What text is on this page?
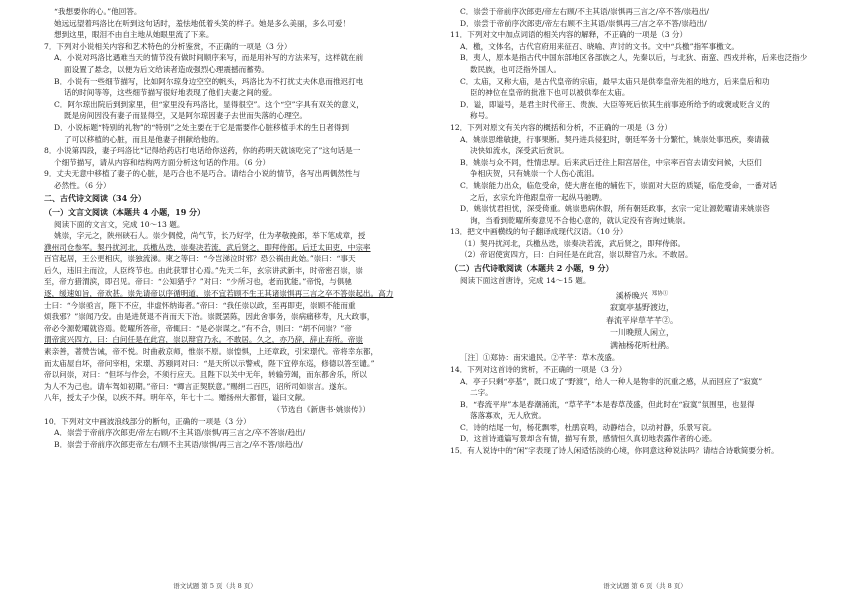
“我想要你的心。”他回答。
她远远望着玛洛比在听到这句话时，羞怯地低着头笑的样子。她是多么美丽，多么可爱！
想到这里，眼泪不由自主地从她眼里流了下来。
7．下列对小说相关内容和艺术特色的分析鉴赏，不正确的一项是（3 分）
A．小说对玛洛比遇难当天的情节没有做时间顺序来写，而是用补写的方法来写，这样就在前
面设置了悬念，以便为后文给读者造成强烈心理震撼而蓄势。
B．小说有一些细节描写，比如阿尔琼身边空空的帆头，玛洛比为不打扰丈夫休息而推迟打电
话的时间等等，这些细节描写很好地表现了他们夫妻之间的爱。
C．阿尔琼出院后到到家里，但“家里没有玛洛比，显得很空”。这个“空”字具有双关的意义，
既是房间因没有妻子而显得空，又是阿尔琼因妻子去世而失落的心理空。
D．小说标题“特别的礼物”的“特别”之处主要在于它是需要作心脏移植手术的生日者得到
了可以移植的心脏，而且是他妻子捐献给他的。
8．小说第四段，妻子玛洛比“记得给药店打电话给你送药，你的药明天就该吃完了”这句话是一
个细节描写，请从内容和结构两方面分析这句话的作用。（6 分）
9．丈夫无意中移植了妻子的心脏，是巧合也不是巧合。请结合小说的情节，各写出两偶然性与
必然性。（6 分）
二、古代诗文阅读（34 分）
（一）文言文阅读（本题共 4 小题，19 分）
阅读下面的文言文，完成 10～13 题。
姚崇，字元之，陕州硖石人。崇少倜傥，尚气节，长乃好学，仕为孝敬挽郎，举下笔成章，授
濮州司仓参军。契丹扰河北，兵檄丛迭，崇奏决若流，武后贤之，即拜侍郎。后迁太田吏，中宗率
百官起居，王公更相庆，崇独流涕。柬之等曰：“今岂涕泣时邪？恐公祸由此始。”崇曰：“事天
后久，违旧主而泣，人臣终节也。由此获罪甘心焉。”先天二年，玄宗讲武新丰，时帝密召崇，崇
至，帝方猎渭滨，即召见。帝曰：“公知猎乎？”对曰：“少所习也，老而犹能。”帝悦，与俱驰
逐，缓速如旨，帝欢甚。崇先请帝以序循明道，崇不宜若顾不生王其诸崇惧再三言之卒不答崇起出。高力
士曰：“今崇亟言，陛下不应，非虚怀纳诲者。”帝曰：“我任崇以政，至再即吏，崇顾不能而重
烦我邪？”崇闻乃安。由是进贤退不肖而天下治。崇既罢陈，因此舍事务，崇病痛移寿，凡大政事，
帝必令源乾曜就咨焉。乾曜所答帝，帝辄曰：“是必崇谋之。”有不合，则曰：“胡不问崇？”帝
谓帝寅兴四方，曰：白问任是在此宫，崇以辩官乃永。不敢居。久之，亦乃辞，辞止弃所。帝崇
素亲善，著赞告诫，帝不悦。时曲赦京师，惟崇不原。崇惶惧，上还章政，引宋璟代。帝将幸东都，
而太庙屋自坏，帝问宰相，宋璟、苏颋同对曰：“是天所以示警戒，陛下宜停东巡，修德以答至谴。”
帝以问崇，对曰：“但坏与作会，不须行应天。且陛下以关中无年，转输劳竭，而东都舍乐，所以
为人不为己也。请车驾如初期。”帝曰：“卿言正契朕意。”赐绢二百匹，诏所司如崇言。遂东。
八年，授太子少保，以疾不拜。明年卒，年七十二。赠扬州大都督，谥曰文献。
（节选自《新唐书·姚崇传》）
10．下列对文中画波浪线部分的断句，正确的一项是（3 分）
A．崇尝于帝前序次郎吏/帝左右顾/不主其语/崇惧/再三言之/卒不答崇/趋出/
B．崇尝于帝前序次郎吏帝左右/顾不主其语/崇惧/再三言之/卒不答/崇趋出/
语文试题 第 5 页（共 8 页）
C．崇尝于帝前序次郎吏/帝左右顾/不主其语/崇惧再三言之/卒不答/崇趋出/
D．崇尝于帝前序次郎吏/帝左右顾不主其语/崇惧再三/言之卒不答/崇趋出/
11．下列对文中加点词语的相关内容的解释，不正确的一项是（3 分）
A．檄，文体名，古代官府用来征召、晓喻、声讨的文书。文中“兵檄”指军事檄文。
B．夷人，原本是指古代中国东部地区各部族之人，先秦以后，与北狄、南蛮、西戎并称，后来也泛指少
数民族，也可泛指外国人。
C．太庙，又称大庙，是古代皇帝的宗庙，最早太庙只是供奉皇帝先祖的地方，后来皇后和功
臣的神位在皇帝的批准下也可以被供奉在太庙。
D．谥，即谥号，是君主时代帝王、贵族、大臣等死后依其生前事迹所给予的或褒或贬含义的
称号。
12．下列对原文有关内容的概括和分析，不正确的一项是（3 分）
A．姚崇思维敏捷，行事果断。契丹进兵侵犯时，朝廷军务十分繁忙，姚崇处事迅疾，奏请裁
决快如流水，深受武后赏识。
B．姚崇与众不同，性情忠厚。后来武后迁往上阳宫居住，中宗率百官去请安问候，大臣们
争相庆贺，只有姚崇一个人伤心流泪。
C．姚崇能力出众，临危受命，使大唐在他的辅佐下，崇面对大臣的质疑，临危受命，一番对话
之后，玄宗允许他跟皇帝一起纵马驰聘。
D．姚崇忧君担忧，深受倚重。姚崇患病休假，所有朝廷政事，玄宗一定让源乾曜请来姚崇咨
询，当看到乾曜所奏意见不合他心意的，就认定没有咨询过姚崇。
13．把文中画横线的句子翻译成现代汉语。（10 分）
（1）契丹扰河北，兵檄丛迭，崇奏决若流，武后贤之，即拜侍郎。
（2）帝诏使寅四方，曰：白问任是在此宫，崇以辩官乃永。不敢居。
（二）古代诗歌阅读（本题共 2 小题，9 分）
阅读下面这首唐诗，完成 14～15 题。
溪桥晚兴 $^{郑协①}$
寂寞亭基野渡边，
春流平岸草芊芊②。
一川晚照人闲立，
满袖杨花听杜鹃。
［注］①郑协：南宋遗民。②芊芊：草木茂盛。
14．下列对这首诗的赏析，不正确的一项是（3 分）
A．亭子只剩“亭基”，既口成了“野渡”，给人一种人是物非的沉重之感，从而回应了“寂寞”
二字。
B．“春流平岸”本是春潮涌流，“草芊芊”本是春草茂盛，但此时在“寂寞”氛围里，也显得
落落寡欢，无人欣赏。
C．诗的结尾一句，杨花飘零，杜鹃哀鸣，动静结合，以动衬静，乐景写哀。
D．这首诗通篇写景却含有情，描写有景，感情恒久真切地表露作者的心迹。
15．有人说诗中的“闲”字表现了诗人闲适恬淡的心境，你同意这种说法吗？请结合诗歌简要分析。
语文试题 第 6 页（共 8 页）
